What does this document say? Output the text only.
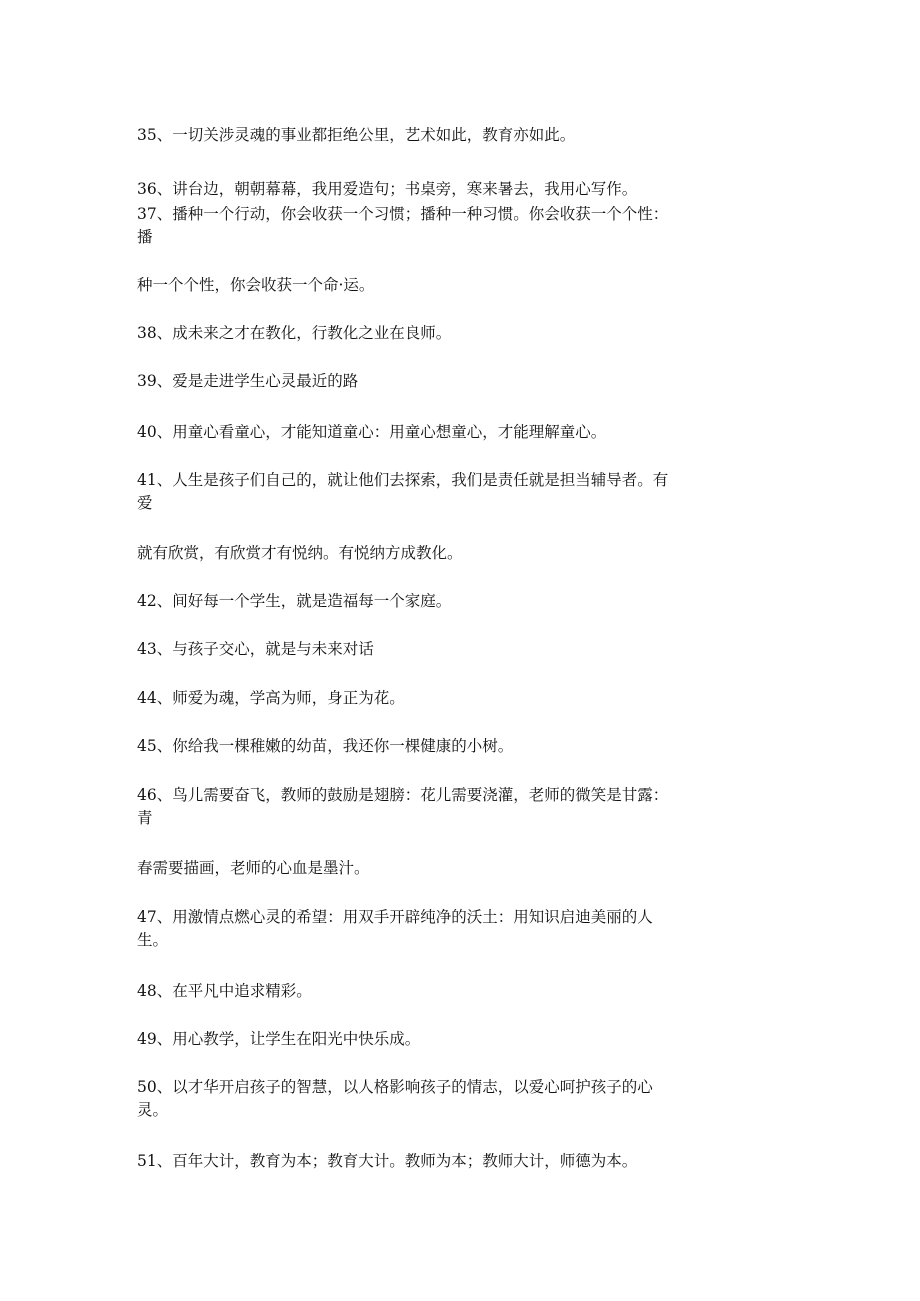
35、一切关涉灵魂的事业都拒绝公里，艺术如此，教育亦如此。
36、讲台边，朝朝幕幕，我用爱造句；书桌旁，寒来暑去，我用心写作。
37、播种一个行动，你会收获一个习惯；播种一种习惯。你会收获一个个性：
播
种一个个性，你会收获一个命·运。
38、成未来之才在教化，行教化之业在良师。
39、爱是走进学生心灵最近的路
40、用童心看童心，才能知道童心：用童心想童心，才能理解童心。
41、人生是孩子们自己的，就让他们去探索，我们是责任就是担当辅导者。有
爱
就有欣赏，有欣赏才有悦纳。有悦纳方成教化。
42、间好每一个学生，就是造福每一个家庭。
43、与孩子交心，就是与未来对话
44、师爱为魂，学高为师，身正为花。
45、你给我一棵稚嫩的幼苗，我还你一棵健康的小树。
46、鸟儿需要奋飞，教师的鼓励是翅膀：花儿需要浇灌，老师的微笑是甘露：
青
春需要描画，老师的心血是墨汁。
47、用激情点燃心灵的希望：用双手开辟纯净的沃土：用知识启迪美丽的人
生。
48、在平凡中追求精彩。
49、用心教学，让学生在阳光中快乐成。
50、以才华开启孩子的智慧，以人格影响孩子的情志，以爱心呵护孩子的心
灵。
51、百年大计，教育为本；教育大计。教师为本；教师大计，师德为本。
